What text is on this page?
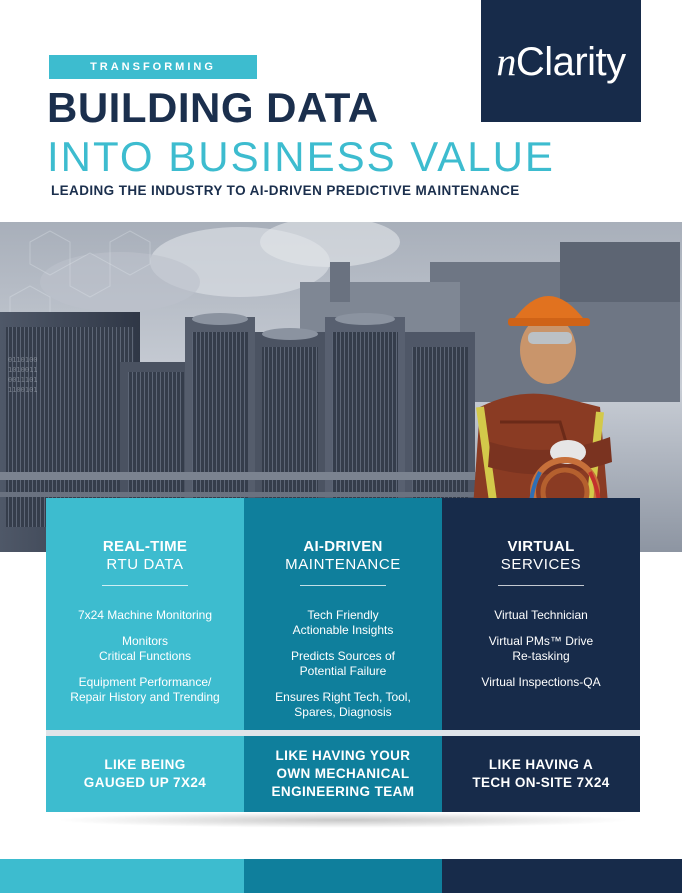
nClarity
TRANSFORMING
BUILDING DATA
INTO BUSINESS VALUE
LEADING THE INDUSTRY TO AI-DRIVEN PREDICTIVE MAINTENANCE
0110100
1010011
0011101
1100101
REAL-TIME
RTU DATA
7x24 Machine Monitoring
Monitors
Critical Functions
Equipment Performance/
Repair History and Trending
AI-DRIVEN
MAINTENANCE
Tech Friendly
Actionable Insights
Predicts Sources of
Potential Failure
Ensures Right Tech, Tool,
Spares, Diagnosis
VIRTUAL
SERVICES
Virtual Technician
Virtual PMs™ Drive
Re-tasking
Virtual Inspections-QA
LIKE BEING
GAUGED UP 7X24
LIKE HAVING YOUR
OWN MECHANICAL
ENGINEERING TEAM
LIKE HAVING A
TECH ON-SITE 7X24
